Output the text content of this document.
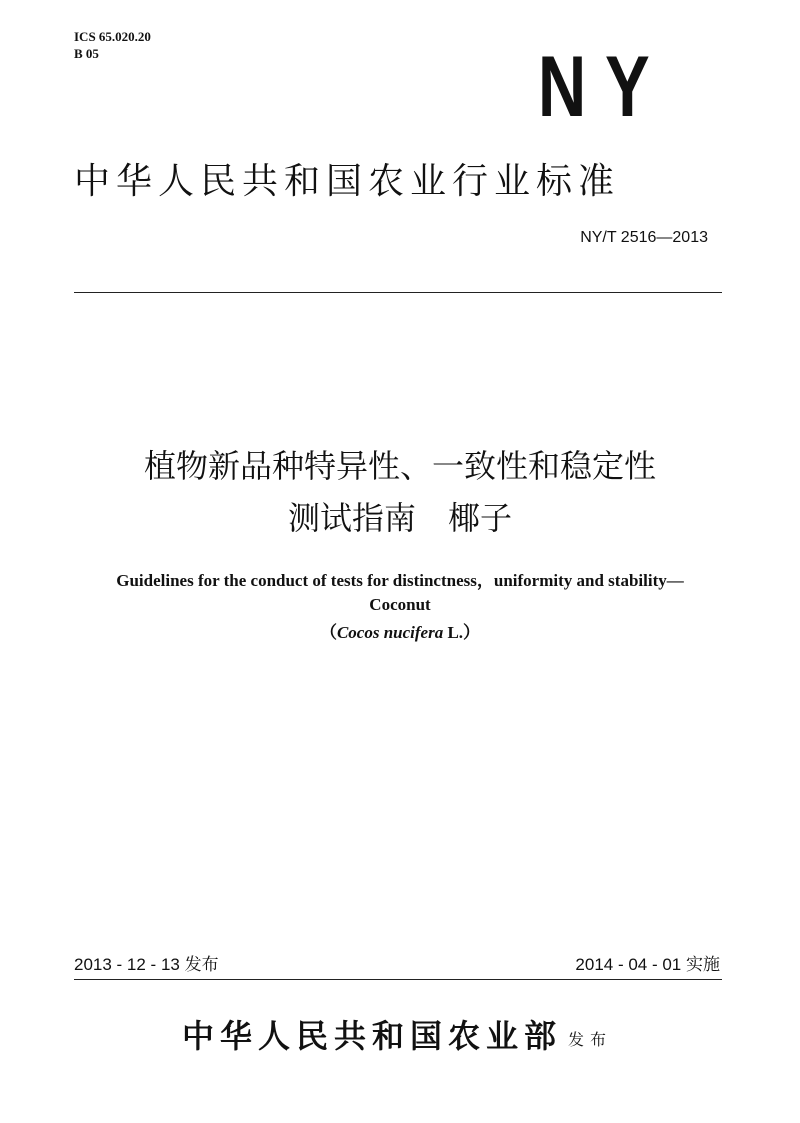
ICS 65.020.20
B 05	NY
中华人民共和国农业行业标准
NY/T 2516—2013
植物新品种特异性、一致性和稳定性
测试指南　椰子
Guidelines for the conduct of tests for distinctness，uniformity and stability—
Coconut
（Cocos nucifera L.）
2013 - 12 - 13 发布	2014 - 04 - 01 实施
中华人民共和国农业部 发布
